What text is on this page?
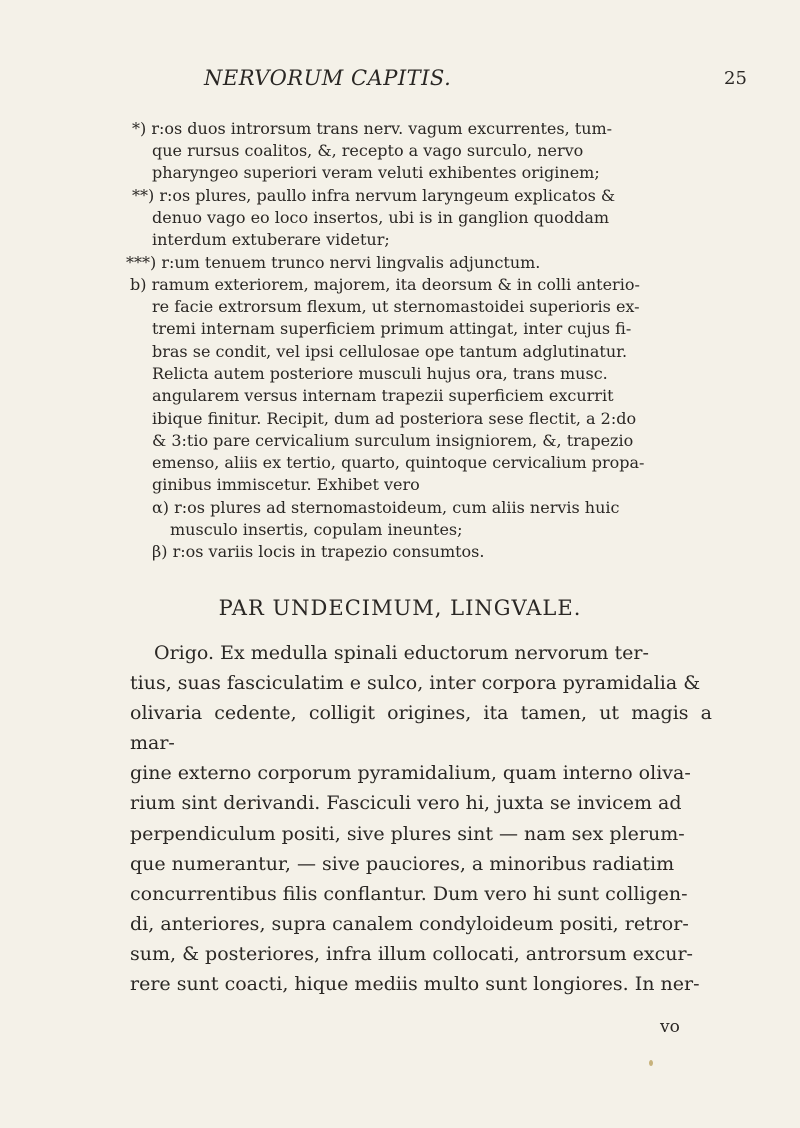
NERVORUM CAPITIS.	25

*) r:os duos introrsum trans nerv. vagum excurrentes, tum-

que rursus coalitos, &, recepto a vago surculo, nervo

pharyngeo superiori veram veluti exhibentes originem;

**) r:os plures, paullo infra nervum laryngeum explicatos &

denuo vago eo loco insertos, ubi is in ganglion quoddam

interdum extuberare videtur;

***) r:um tenuem trunco nervi lingvalis adjunctum.

b) ramum exteriorem, majorem, ita deorsum & in colli anterio-

re facie extrorsum flexum, ut sternomastoidei superioris ex-

tremi internam superficiem primum attingat, inter cujus fi-

bras se condit, vel ipsi cellulosae ope tantum adglutinatur.

Relicta autem posteriore musculi hujus ora, trans musc.

angularem versus internam trapezii superficiem excurrit

ibique finitur. Recipit, dum ad posteriora sese flectit, a 2:do

& 3:tio pare cervicalium surculum insigniorem, &, trapezio

emenso, aliis ex tertio, quarto, quintoque cervicalium propa-

ginibus immiscetur. Exhibet vero

α) r:os plures ad sternomastoideum, cum aliis nervis huic

musculo insertis, copulam ineuntes;

β) r:os variis locis in trapezio consumtos.

PAR UNDECIMUM, LINGVALE.
Origo. Ex medulla spinali eductorum nervorum ter-
tius, suas fasciculatim e sulco, inter corpora pyramidalia &
olivaria cedente, colligit origines, ita tamen, ut magis a mar-
gine externo corporum pyramidalium, quam interno oliva-
rium sint derivandi. Fasciculi vero hi, juxta se invicem ad
perpendiculum positi, sive plures sint — nam sex plerum-
que numerantur, — sive pauciores, a minoribus radiatim
concurrentibus filis conflantur. Dum vero hi sunt colligen-
di, anteriores, supra canalem condyloideum positi, retror-
sum, & posteriores, infra illum collocati, antrorsum excur-
rere sunt coacti, hique mediis multo sunt longiores. In ner-
vo
